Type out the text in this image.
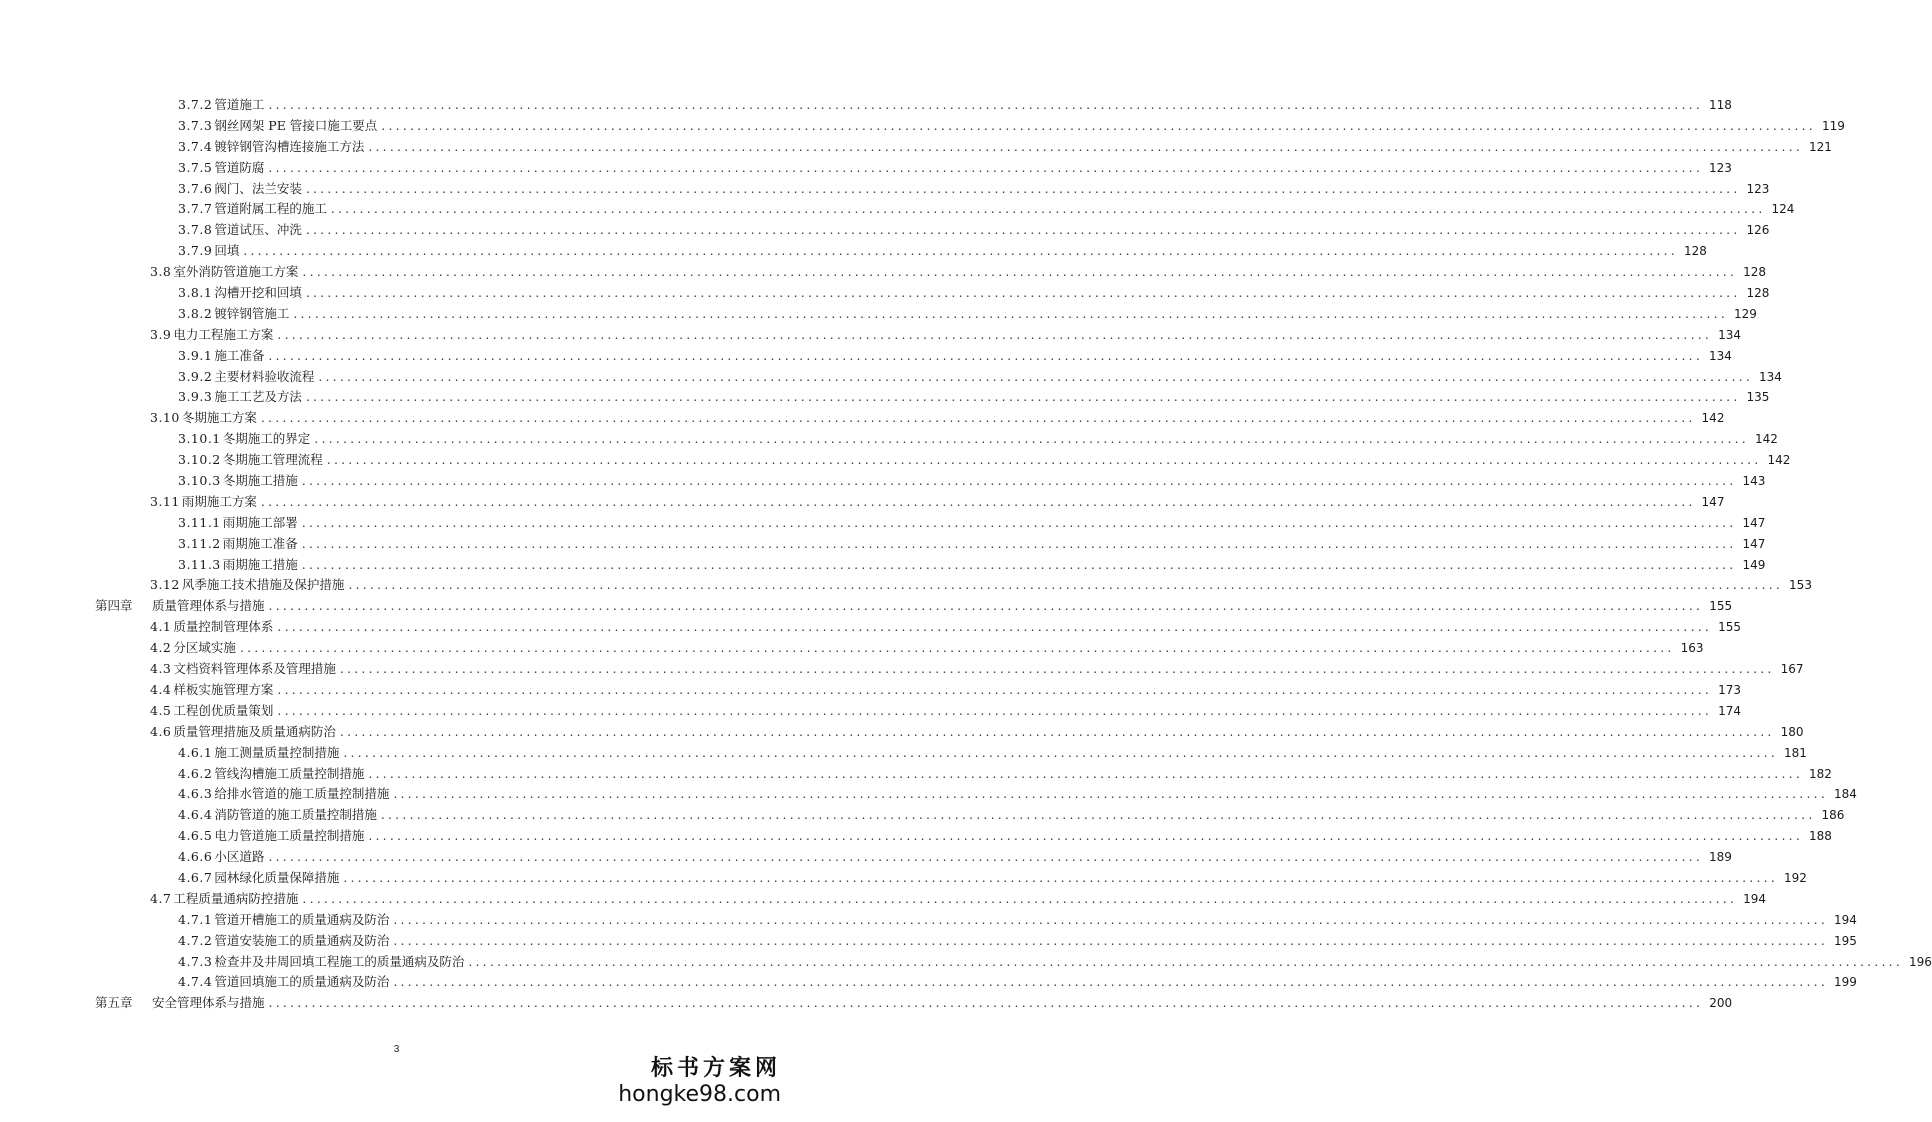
3.7.2 管道施工 ........................................................................................................................................................................................................ 118
3.7.3 钢丝网架 PE 管接口施工要点 ........................................................................................................................................................................................................ 119
3.7.4 镀锌钢管沟槽连接施工方法 ........................................................................................................................................................................................................ 121
3.7.5 管道防腐 ........................................................................................................................................................................................................ 123
3.7.6 阀门、法兰安装 ........................................................................................................................................................................................................ 123
3.7.7 管道附属工程的施工 ........................................................................................................................................................................................................ 124
3.7.8 管道试压、冲洗 ........................................................................................................................................................................................................ 126
3.7.9 回填 ........................................................................................................................................................................................................ 128
3.8 室外消防管道施工方案 ........................................................................................................................................................................................................ 128
3.8.1 沟槽开挖和回填 ........................................................................................................................................................................................................ 128
3.8.2 镀锌钢管施工 ........................................................................................................................................................................................................ 129
3.9 电力工程施工方案 ........................................................................................................................................................................................................ 134
3.9.1 施工准备 ........................................................................................................................................................................................................ 134
3.9.2 主要材料验收流程 ........................................................................................................................................................................................................ 134
3.9.3 施工工艺及方法 ........................................................................................................................................................................................................ 135
3.10 冬期施工方案 ........................................................................................................................................................................................................ 142
3.10.1 冬期施工的界定 ........................................................................................................................................................................................................ 142
3.10.2 冬期施工管理流程 ........................................................................................................................................................................................................ 142
3.10.3 冬期施工措施 ........................................................................................................................................................................................................ 143
3.11 雨期施工方案 ........................................................................................................................................................................................................ 147
3.11.1 雨期施工部署 ........................................................................................................................................................................................................ 147
3.11.2 雨期施工准备 ........................................................................................................................................................................................................ 147
3.11.3 雨期施工措施 ........................................................................................................................................................................................................ 149
3.12 风季施工技术措施及保护措施 ........................................................................................................................................................................................................ 153
第四章 质量管理体系与措施 ........................................................................................................................................................................................................ 155
4.1 质量控制管理体系 ........................................................................................................................................................................................................ 155
4.2 分区域实施 ........................................................................................................................................................................................................ 163
4.3 文档资料管理体系及管理措施 ........................................................................................................................................................................................................ 167
4.4 样板实施管理方案 ........................................................................................................................................................................................................ 173
4.5 工程创优质量策划 ........................................................................................................................................................................................................ 174
4.6 质量管理措施及质量通病防治 ........................................................................................................................................................................................................ 180
4.6.1 施工测量质量控制措施 ........................................................................................................................................................................................................ 181
4.6.2 管线沟槽施工质量控制措施 ........................................................................................................................................................................................................ 182
4.6.3 给排水管道的施工质量控制措施 ........................................................................................................................................................................................................ 184
4.6.4 消防管道的施工质量控制措施 ........................................................................................................................................................................................................ 186
4.6.5 电力管道施工质量控制措施 ........................................................................................................................................................................................................ 188
4.6.6 小区道路 ........................................................................................................................................................................................................ 189
4.6.7 园林绿化质量保障措施 ........................................................................................................................................................................................................ 192
4.7 工程质量通病防控措施 ........................................................................................................................................................................................................ 194
4.7.1 管道开槽施工的质量通病及防治 ........................................................................................................................................................................................................ 194
4.7.2 管道安装施工的质量通病及防治 ........................................................................................................................................................................................................ 195
4.7.3 检查井及井周回填工程施工的质量通病及防治 ........................................................................................................................................................................................................ 196
4.7.4 管道回填施工的质量通病及防治 ........................................................................................................................................................................................................ 199
第五章 安全管理体系与措施 ........................................................................................................................................................................................................ 200
3
标书方案网
hongke98.com
